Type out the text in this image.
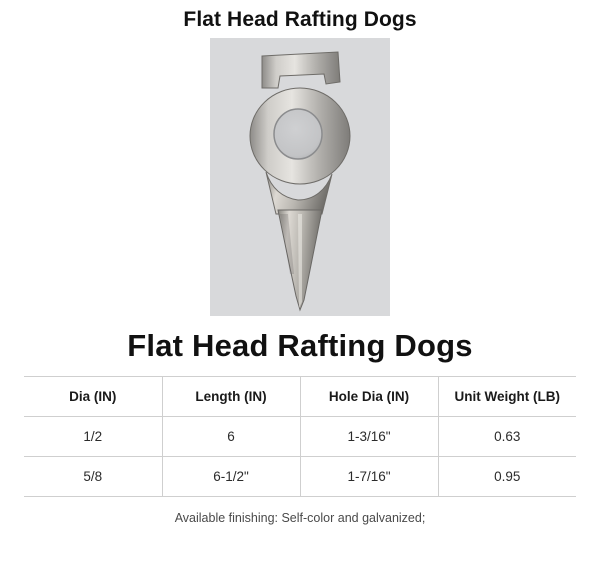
Flat Head Rafting Dogs
Flat Head Rafting Dogs
Dia (IN)	Length (IN)	Hole Dia (IN)	Unit Weight (LB)
1/2	6	1-3/16"	0.63
5/8	6-1/2"	1-7/16"	0.95
Available finishing: Self-color and galvanized;
